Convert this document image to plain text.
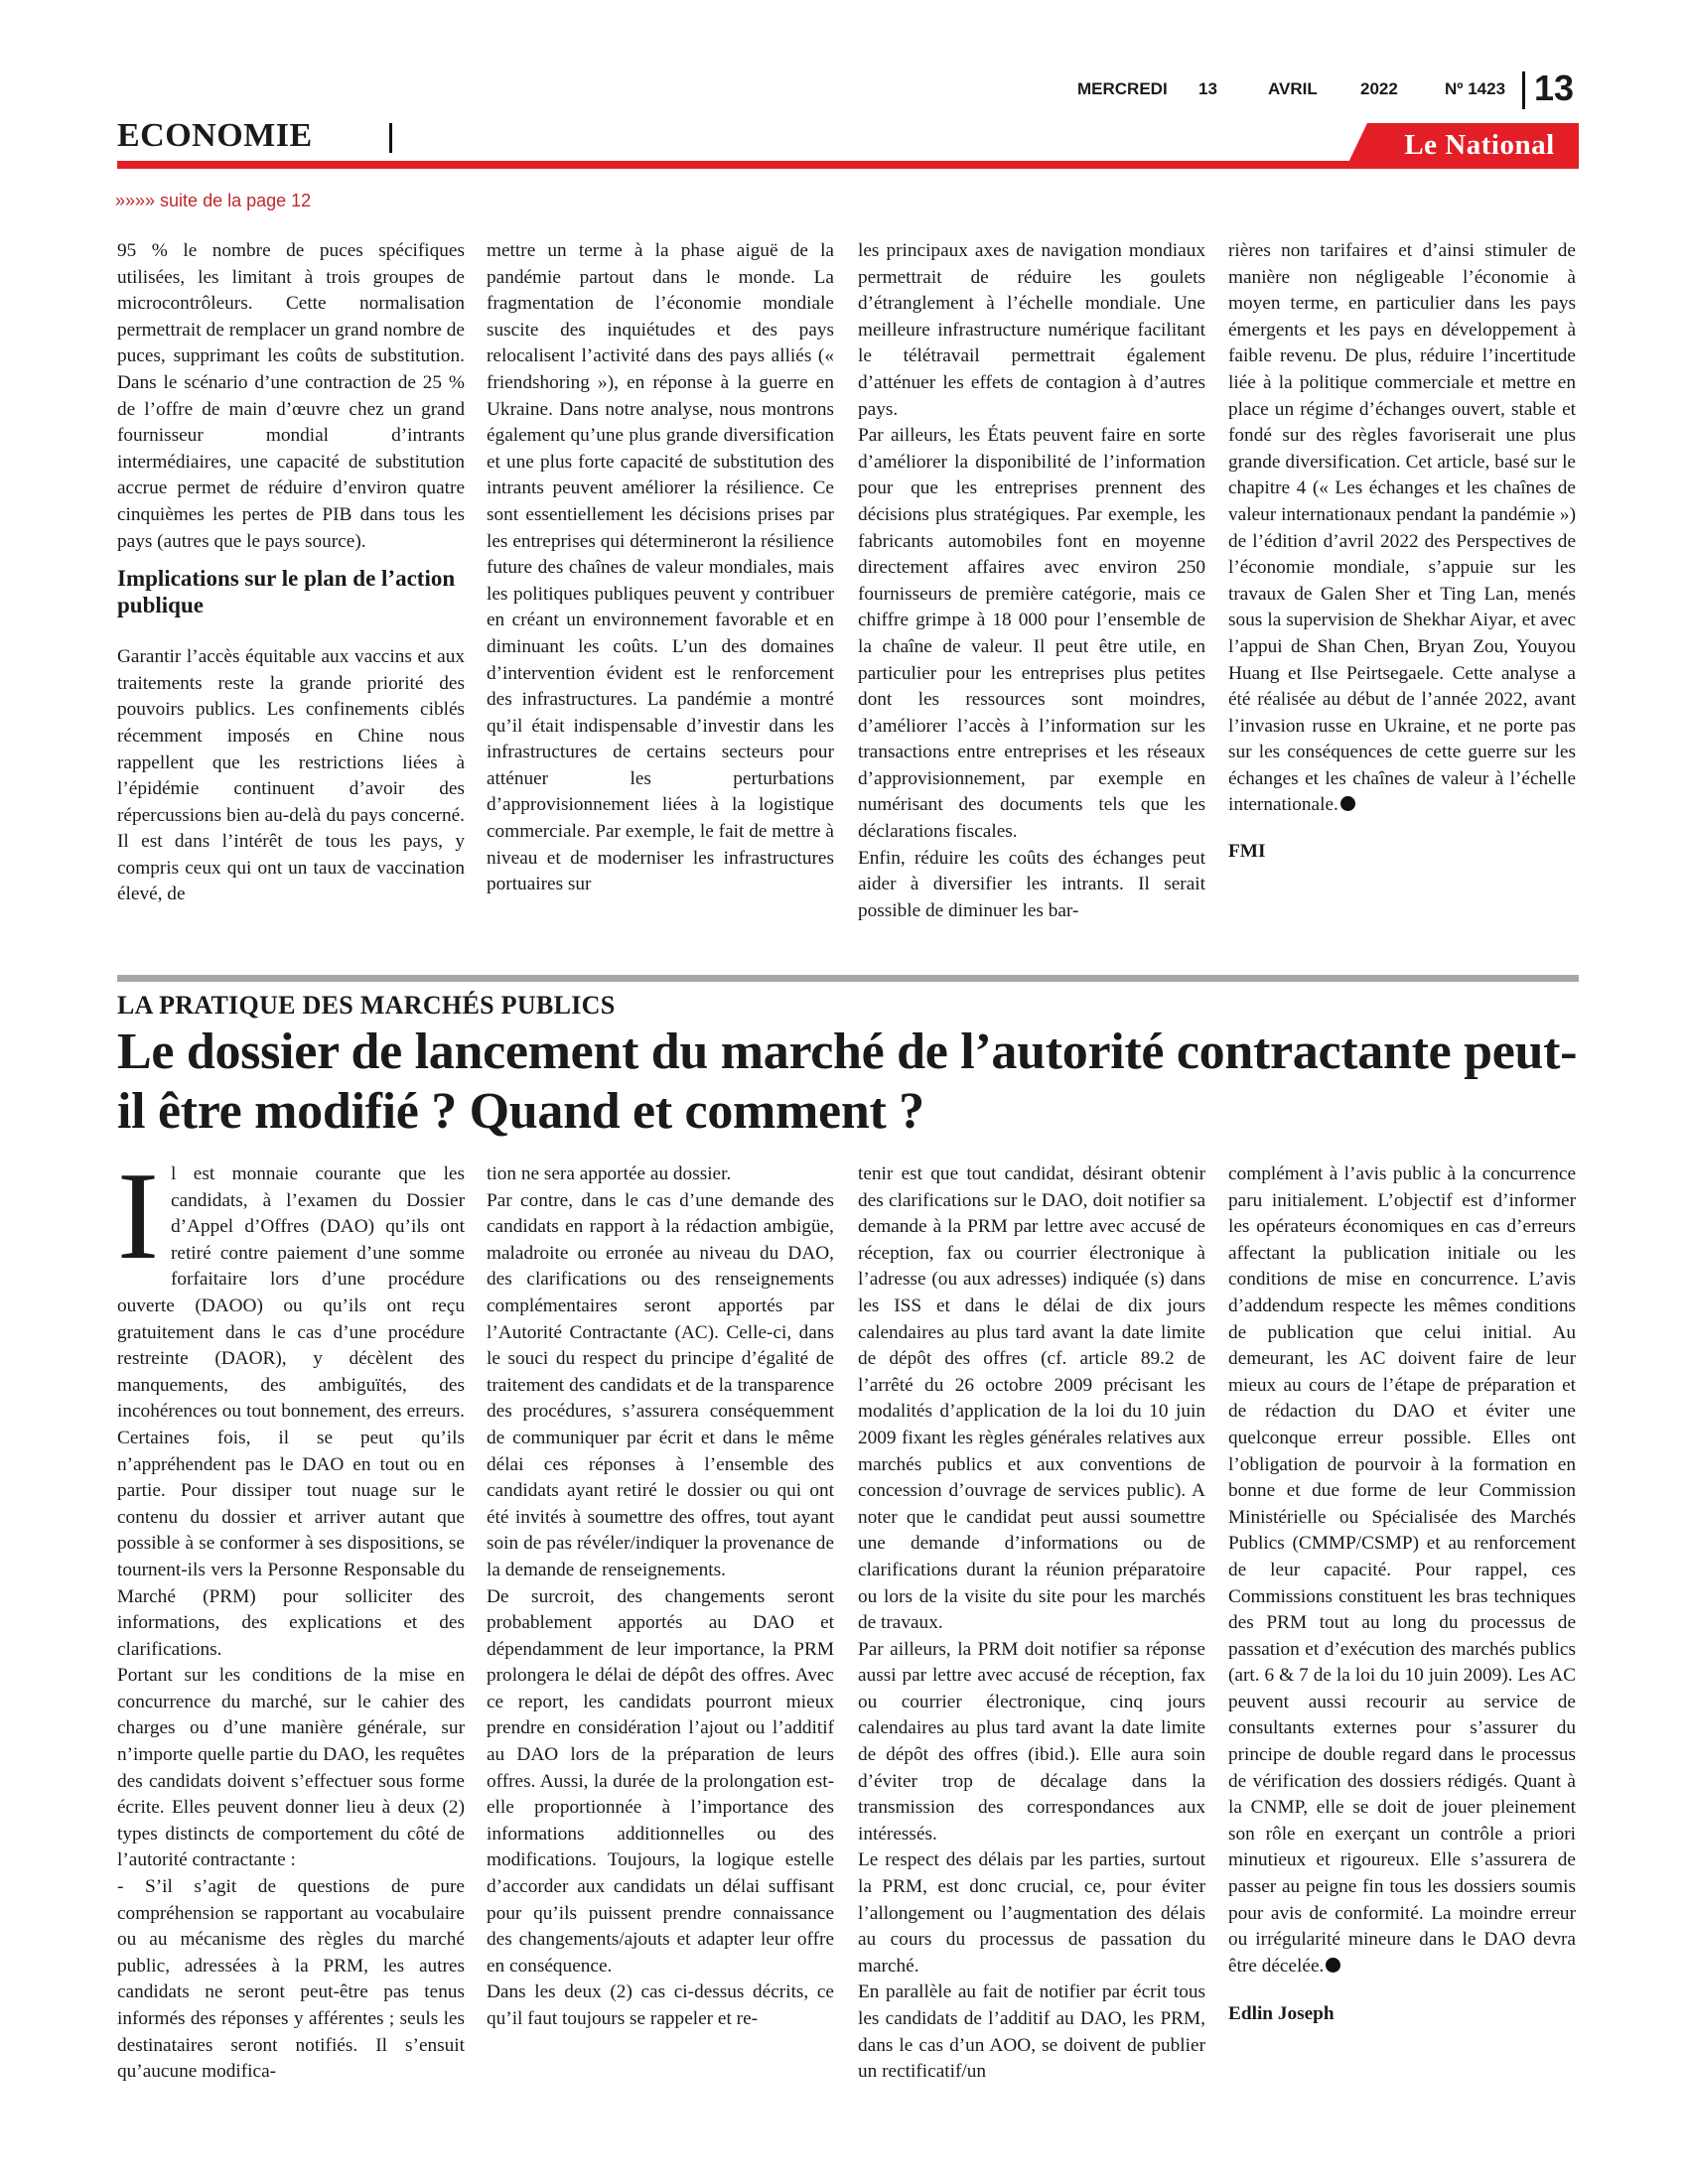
MERCREDI 13	AVRIL	2022	Nº 1423 13
ECONOMIE	Le National
»»»» suite de la page 12

95 % le nombre de puces spécifiques utilisées, les limitant à trois groupes de microcontrôleurs. Cette normalisation permettrait de remplacer un grand nombre de puces, supprimant les coûts de substitution. Dans le scénario d’une contraction de 25 % de l’offre de main d’œuvre chez un grand fournisseur mondial d’intrants intermédiaires, une capacité de substitution accrue permet de réduire d’environ quatre cinquièmes les pertes de PIB dans tous les pays (autres que le pays source).

Implications sur le plan de l’action publique

Garantir l’accès équitable aux vaccins et aux traitements reste la grande priorité des pouvoirs publics. Les confinements ciblés récemment imposés en Chine nous rappellent que les restrictions liées à l’épidémie continuent d’avoir des répercussions bien au-delà du pays concerné. Il est dans l’intérêt de tous les pays, y compris ceux qui ont un taux de vaccination élevé, de

mettre un terme à la phase aiguë de la pandémie partout dans le monde. La fragmentation de l’économie mondiale suscite des inquiétudes et des pays relocalisent l’activité dans des pays alliés (« friendshoring »), en réponse à la guerre en Ukraine. Dans notre analyse, nous montrons également qu’une plus grande diversification et une plus forte capacité de substitution des intrants peuvent améliorer la résilience. Ce sont essentiellement les décisions prises par les entreprises qui détermineront la résilience future des chaînes de valeur mondiales, mais les politiques publiques peuvent y contribuer en créant un environnement favorable et en diminuant les coûts. L’un des domaines d’intervention évident est le renforcement des infrastructures. La pandémie a montré qu’il était indispensable d’investir dans les infrastructures de certains secteurs pour atténuer les perturbations d’approvisionnement liées à la logistique commerciale. Par exemple, le fait de mettre à niveau et de moderniser les infrastructures portuaires sur

les principaux axes de navigation mondiaux permettrait de réduire les goulets d’étranglement à l’échelle mondiale. Une meilleure infrastructure numérique facilitant le télétravail permettrait également d’atténuer les effets de contagion à d’autres pays.

Par ailleurs, les États peuvent faire en sorte d’améliorer la disponibilité de l’information pour que les entreprises prennent des décisions plus stratégiques. Par exemple, les fabricants automobiles font en moyenne directement affaires avec environ 250 fournisseurs de première catégorie, mais ce chiffre grimpe à 18 000 pour l’ensemble de la chaîne de valeur. Il peut être utile, en particulier pour les entreprises plus petites dont les ressources sont moindres, d’améliorer l’accès à l’information sur les transactions entre entreprises et les réseaux d’approvisionnement, par exemple en numérisant des documents tels que les déclarations fiscales.

Enfin, réduire les coûts des échanges peut aider à diversifier les intrants. Il serait possible de diminuer les bar-

rières non tarifaires et d’ainsi stimuler de manière non négligeable l’économie à moyen terme, en particulier dans les pays émergents et les pays en développement à faible revenu. De plus, réduire l’incertitude liée à la politique commerciale et mettre en place un régime d’échanges ouvert, stable et fondé sur des règles favoriserait une plus grande diversification. Cet article, basé sur le chapitre 4 (« Les échanges et les chaînes de valeur internationaux pendant la pandémie ») de l’édition d’avril 2022 des Perspectives de l’économie mondiale, s’appuie sur les travaux de Galen Sher et Ting Lan, menés sous la supervision de Shekhar Aiyar, et avec l’appui de Shan Chen, Bryan Zou, Youyou Huang et Ilse Peirtsegaele. Cette analyse a été réalisée au début de l’année 2022, avant l’invasion russe en Ukraine, et ne porte pas sur les conséquences de cette guerre sur les échanges et les chaînes de valeur à l’échelle internationale.

FMI

LA PRATIQUE DES MARCHÉS PUBLICS
Le dossier de lancement du marché de l’autorité contractante peut-il être modifié ? Quand et comment ?

Il est monnaie courante que les candidats, à l’examen du Dossier d’Appel d’Offres (DAO) qu’ils ont retiré contre paiement d’une somme forfaitaire lors d’une procédure ouverte (DAOO) ou qu’ils ont reçu gratuitement dans le cas d’une procédure restreinte (DAOR), y décèlent des manquements, des ambiguïtés, des incohérences ou tout bonnement, des erreurs. Certaines fois, il se peut qu’ils n’appréhendent pas le DAO en tout ou en partie. Pour dissiper tout nuage sur le contenu du dossier et arriver autant que possible à se conformer à ses dispositions, se tournent-ils vers la Personne Responsable du Marché (PRM) pour solliciter des informations, des explications et des clarifications.

Portant sur les conditions de la mise en concurrence du marché, sur le cahier des charges ou d’une manière générale, sur n’importe quelle partie du DAO, les requêtes des candidats doivent s’effectuer sous forme écrite. Elles peuvent donner lieu à deux (2) types distincts de comportement du côté de l’autorité contractante :

- S’il s’agit de questions de pure compréhension se rapportant au vocabulaire ou au mécanisme des règles du marché public, adressées à la PRM, les autres candidats ne seront peut-être pas tenus informés des réponses y afférentes ; seuls les destinataires seront notifiés. Il s’ensuit qu’aucune modifica-

tion ne sera apportée au dossier.

Par contre, dans le cas d’une demande des candidats en rapport à la rédaction ambigüe, maladroite ou erronée au niveau du DAO, des clarifications ou des renseignements complémentaires seront apportés par l’Autorité Contractante (AC). Celle-ci, dans le souci du respect du principe d’égalité de traitement des candidats et de la transparence des procédures, s’assurera conséquemment de communiquer par écrit et dans le même délai ces réponses à l’ensemble des candidats ayant retiré le dossier ou qui ont été invités à soumettre des offres, tout ayant soin de pas révéler/indiquer la provenance de la demande de renseignements.

De surcroit, des changements seront probablement apportés au DAO et dépendamment de leur importance, la PRM prolongera le délai de dépôt des offres. Avec ce report, les candidats pourront mieux prendre en considération l’ajout ou l’additif au DAO lors de la préparation de leurs offres. Aussi, la durée de la prolongation est-elle proportionnée à l’importance des informations additionnelles ou des modifications. Toujours, la logique estelle d’accorder aux candidats un délai suffisant pour qu’ils puissent prendre connaissance des changements/ajouts et adapter leur offre en conséquence.

Dans les deux (2) cas ci-dessus décrits, ce qu’il faut toujours se rappeler et re-

tenir est que tout candidat, désirant obtenir des clarifications sur le DAO, doit notifier sa demande à la PRM par lettre avec accusé de réception, fax ou courrier électronique à l’adresse (ou aux adresses) indiquée (s) dans les ISS et dans le délai de dix jours calendaires au plus tard avant la date limite de dépôt des offres (cf. article 89.2 de l’arrêté du 26 octobre 2009 précisant les modalités d’application de la loi du 10 juin 2009 fixant les règles générales relatives aux marchés publics et aux conventions de concession d’ouvrage de services public). A noter que le candidat peut aussi soumettre une demande d’informations ou de clarifications durant la réunion préparatoire ou lors de la visite du site pour les marchés de travaux.

Par ailleurs, la PRM doit notifier sa réponse aussi par lettre avec accusé de réception, fax ou courrier électronique, cinq jours calendaires au plus tard avant la date limite de dépôt des offres (ibid.). Elle aura soin d’éviter trop de décalage dans la transmission des correspondances aux intéressés.

Le respect des délais par les parties, surtout la PRM, est donc crucial, ce, pour éviter l’allongement ou l’augmentation des délais au cours du processus de passation du marché.

En parallèle au fait de notifier par écrit tous les candidats de l’additif au DAO, les PRM, dans le cas d’un AOO, se doivent de publier un rectificatif/un

complément à l’avis public à la concurrence paru initialement. L’objectif est d’informer les opérateurs économiques en cas d’erreurs affectant la publication initiale ou les conditions de mise en concurrence. L’avis d’addendum respecte les mêmes conditions de publication que celui initial. Au demeurant, les AC doivent faire de leur mieux au cours de l’étape de préparation et de rédaction du DAO et éviter une quelconque erreur possible. Elles ont l’obligation de pourvoir à la formation en bonne et due forme de leur Commission Ministérielle ou Spécialisée des Marchés Publics (CMMP/CSMP) et au renforcement de leur capacité. Pour rappel, ces Commissions constituent les bras techniques des PRM tout au long du processus de passation et d’exécution des marchés publics (art. 6 & 7 de la loi du 10 juin 2009). Les AC peuvent aussi recourir au service de consultants externes pour s’assurer du principe de double regard dans le processus de vérification des dossiers rédigés. Quant à la CNMP, elle se doit de jouer pleinement son rôle en exerçant un contrôle a priori minutieux et rigoureux. Elle s’assurera de passer au peigne fin tous les dossiers soumis pour avis de conformité. La moindre erreur ou irrégularité mineure dans le DAO devra être décelée.

Edlin Joseph
